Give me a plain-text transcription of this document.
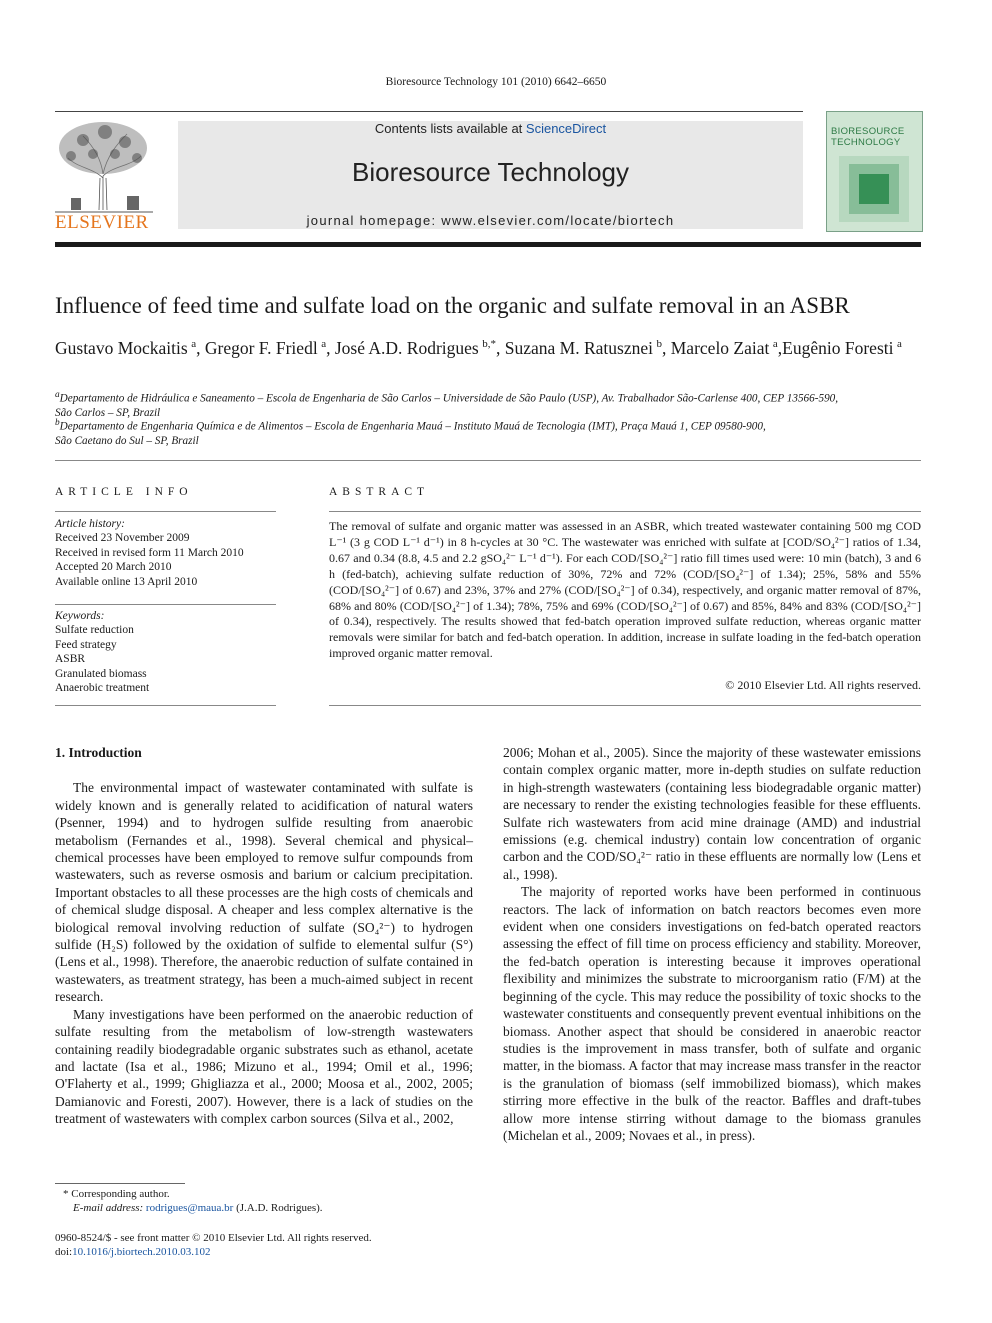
Bioresource Technology 101 (2010) 6642–6650
ELSEVIER
Contents lists available at ScienceDirect
Bioresource Technology
journal homepage: www.elsevier.com/locate/biortech
BIORESOURCE TECHNOLOGY
Influence of feed time and sulfate load on the organic and sulfate removal in an ASBR
Gustavo Mockaitis  $^a$, Gregor F. Friedl  $^a$, José A.D. Rodrigues  $^{b,*}$, Suzana M. Ratusznei  $^b$, Marcelo Zaiat  $^a$,Eugênio Foresti  $^a$
$^a$Departamento de Hidráulica e Saneamento – Escola de Engenharia de São Carlos – Universidade de São Paulo (USP), Av. Trabalhador São-Carlense 400, CEP 13566-590,
São Carlos – SP, Brazil
$^b$Departamento de Engenharia Química e de Alimentos – Escola de Engenharia Mauá – Instituto Mauá de Tecnologia (IMT), Praça Mauá 1, CEP 09580-900,
São Caetano do Sul – SP, Brazil
ARTICLE INFO	ABSTRACT
Article history:
Received 23 November 2009
Received in revised form 11 March 2010
Accepted 20 March 2010
Available online 13 April 2010
Keywords:
Sulfate reduction
Feed strategy
ASBR
Granulated biomass
Anaerobic treatment
The removal of sulfate and organic matter was assessed in an ASBR, which treated wastewater containing 500 mg COD L⁻¹ (3 g COD L⁻¹ d⁻¹) in 8 h-cycles at 30 °C. The wastewater was enriched with sulfate at [COD/SO₄²⁻] ratios of 1.34, 0.67 and 0.34 (8.8, 4.5 and 2.2 gSO₄²⁻ L⁻¹ d⁻¹). For each COD/[SO₄²⁻] ratio fill times used were: 10 min (batch), 3 and 6 h (fed-batch), achieving sulfate reduction of 30%, 72% and 72% (COD/[SO₄²⁻] of 1.34); 25%, 58% and 55% (COD/[SO₄²⁻] of 0.67) and 23%, 37% and 27% (COD/[SO₄²⁻] of 0.34), respectively, and organic matter removal of 87%, 68% and 80% (COD/[SO₄²⁻] of 1.34); 78%, 75% and 69% (COD/[SO₄²⁻] of 0.67) and 85%, 84% and 83% (COD/[SO₄²⁻] of 0.34), respectively. The results showed that fed-batch operation improved sulfate reduction, whereas organic matter removals were similar for batch and fed-batch operation. In addition, increase in sulfate loading in the fed-batch operation improved organic matter removal.
© 2010 Elsevier Ltd. All rights reserved.
1. Introduction

The environmental impact of wastewater contaminated with sulfate is widely known and is generally related to acidification of natural waters (Psenner, 1994) and to hydrogen sulfide resulting from anaerobic metabolism (Fernandes et al., 1998). Several chemical and physical–chemical processes have been employed to remove sulfur compounds from wastewaters, such as reverse osmosis and barium or calcium precipitation. Important obstacles to all these processes are the high costs of chemicals and of chemical sludge disposal. A cheaper and less complex alternative is the biological removal involving reduction of sulfate (SO₄²⁻) to hydrogen sulfide (H₂S) followed by the oxidation of sulfide to elemental sulfur (S°) (Lens et al., 1998). Therefore, the anaerobic reduction of sulfate contained in wastewaters, as treatment strategy, has been a much-aimed subject in recent research.

Many investigations have been performed on the anaerobic reduction of sulfate resulting from the metabolism of low-strength wastewaters containing readily biodegradable organic substrates such as ethanol, acetate and lactate (Isa et al., 1986; Mizuno et al., 1994; Omil et al., 1996; O'Flaherty et al., 1999; Ghigliazza et al., 2000; Moosa et al., 2002, 2005; Damianovic and Foresti, 2007). However, there is a lack of studies on the treatment of wastewaters with complex carbon sources (Silva et al., 2002,

2006; Mohan et al., 2005). Since the majority of these wastewater emissions contain complex organic matter, more in-depth studies on sulfate reduction in high-strength wastewaters (containing less biodegradable organic matter) are necessary to render the existing technologies feasible for these effluents. Sulfate rich wastewaters from acid mine drainage (AMD) and industrial emissions (e.g. chemical industry) contain low concentration of organic carbon and the COD/SO₄²⁻ ratio in these effluents are normally low (Lens et al., 1998).

The majority of reported works have been performed in continuous reactors. The lack of information on batch reactors becomes even more evident when one considers investigations on fed-batch operated reactors assessing the effect of fill time on process efficiency and stability. Moreover, the fed-batch operation is interesting because it improves operational flexibility and minimizes the substrate to microorganism ratio (F/M) at the beginning of the cycle. This may reduce the possibility of toxic shocks to the wastewater constituents and consequently prevent eventual inhibitions on the biomass. Another aspect that should be considered in anaerobic reactor studies is the improvement in mass transfer, both of sulfate and organic matter, in the biomass. A factor that may increase mass transfer in the reactor is the granulation of biomass (self immobilized biomass), which makes stirring more effective in the bulk of the reactor. Baffles and draft-tubes allow more intense stirring without damage to the biomass granules (Michelan et al., 2009; Novaes et al., in press).

* Corresponding author.
E-mail address: rodrigues@maua.br (J.A.D. Rodrigues).
0960-8524/$ - see front matter © 2010 Elsevier Ltd. All rights reserved.
doi:10.1016/j.biortech.2010.03.102
